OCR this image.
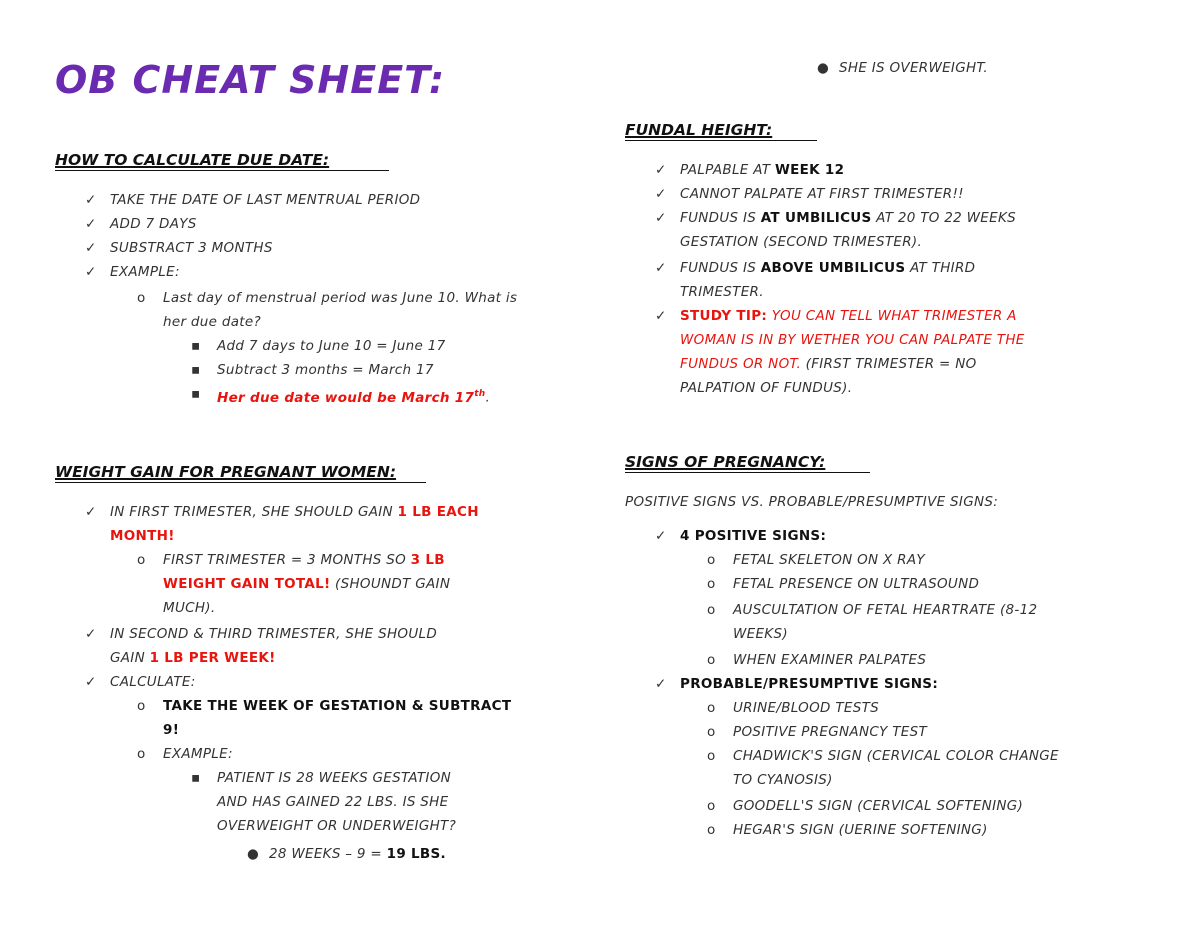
OB CHEAT SHEET:
HOW TO CALCULATE DUE DATE:
✓ TAKE THE DATE OF LAST MENTRUAL PERIOD
✓ ADD 7 DAYS
✓ SUBSTRACT 3 MONTHS
✓ EXAMPLE:
o Last day of menstrual period was June 10. What is
her due date?
▪ Add 7 days to June 10 = June 17
▪ Subtract 3 months = March 17
▪ Her due date would be March 17th.
WEIGHT GAIN FOR PREGNANT WOMEN:
✓ IN FIRST TRIMESTER, SHE SHOULD GAIN 1 LB EACH
MONTH!
o FIRST TRIMESTER = 3 MONTHS SO 3 LB
WEIGHT GAIN TOTAL! (SHOUNDT GAIN
MUCH).
✓ IN SECOND & THIRD TRIMESTER, SHE SHOULD
GAIN 1 LB PER WEEK!
✓ CALCULATE:
o TAKE THE WEEK OF GESTATION & SUBTRACT
9!
o EXAMPLE:
▪ PATIENT IS 28 WEEKS GESTATION
AND HAS GAINED 22 LBS. IS SHE
OVERWEIGHT OR UNDERWEIGHT?
● 28 WEEKS – 9 = 19 LBS.
● SHE IS OVERWEIGHT.
FUNDAL HEIGHT:
✓ PALPABLE AT WEEK 12
✓ CANNOT PALPATE AT FIRST TRIMESTER!!
✓ FUNDUS IS AT UMBILICUS AT 20 TO 22 WEEKS
GESTATION (SECOND TRIMESTER).
✓ FUNDUS IS ABOVE UMBILICUS AT THIRD
TRIMESTER.
✓ STUDY TIP: YOU CAN TELL WHAT TRIMESTER A
WOMAN IS IN BY WETHER YOU CAN PALPATE THE
FUNDUS OR NOT. (FIRST TRIMESTER = NO
PALPATION OF FUNDUS).
SIGNS OF PREGNANCY:
POSITIVE SIGNS VS. PROBABLE/PRESUMPTIVE SIGNS:
✓ 4 POSITIVE SIGNS:
o FETAL SKELETON ON X RAY
o FETAL PRESENCE ON ULTRASOUND
o AUSCULTATION OF FETAL HEARTRATE (8-12
WEEKS)
o WHEN EXAMINER PALPATES
✓ PROBABLE/PRESUMPTIVE SIGNS:
o URINE/BLOOD TESTS
o POSITIVE PREGNANCY TEST
o CHADWICK'S SIGN (CERVICAL COLOR CHANGE
TO CYANOSIS)
o GOODELL'S SIGN (CERVICAL SOFTENING)
o HEGAR'S SIGN (UERINE SOFTENING)
